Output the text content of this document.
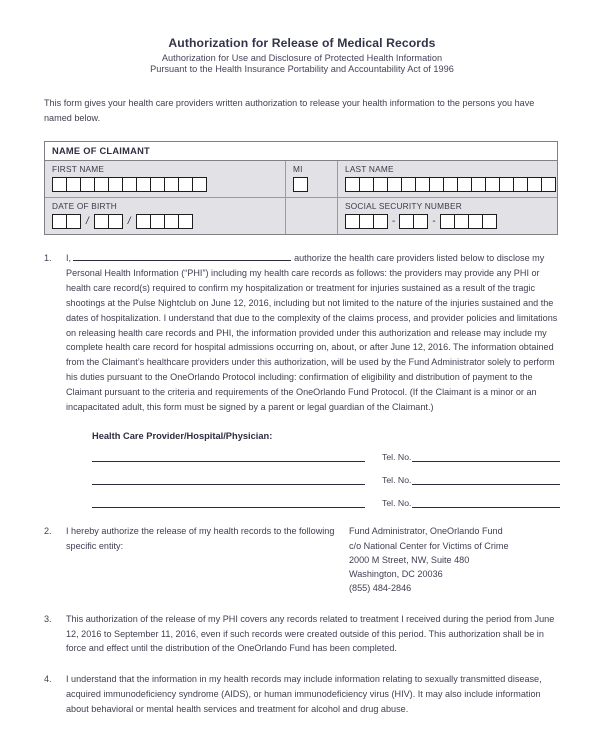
Authorization for Release of Medical Records
Authorization for Use and Disclosure of Protected Health Information
Pursuant to the Health Insurance Portability and Accountability Act of 1996
This form gives your health care providers written authorization to release your health information to the persons you have named below.
NAME OF CLAIMANT
FIRST NAME	MI	LAST NAME
DATE OF BIRTH
/	/

SOCIAL SECURITY NUMBER
-	-
1.	I,	authorize the health care providers listed below to disclose my Personal Health Information (“PHI”) including my health care records as follows: the providers may provide any PHI or health care record(s) required to confirm my hospitalization or treatment for injuries sustained as a result of the tragic shootings at the Pulse Nightclub on June 12, 2016, including but not limited to the nature of the injuries sustained and the dates of hospitalization. I understand that due to the complexity of the claims process, and provider policies and limitations on releasing health care records and PHI, the information provided under this authorization and release may include my complete health care record for hospital admissions occurring on, about, or after June 12, 2016. The information obtained from the Claimant’s healthcare providers under this authorization, will be used by the Fund Administrator solely to perform his duties pursuant to the OneOrlando Protocol including: confirmation of eligibility and distribution of payment to the Claimant pursuant to the criteria and requirements of the OneOrlando Fund Protocol. (If the Claimant is a minor or an incapacitated adult, this form must be signed by a parent or legal guardian of the Claimant.)

Health Care Provider/Hospital/Physician:
Tel. No.
Tel. No.
Tel. No.
2.	I hereby authorize the release of my health records to the following specific entity:
Fund Administrator, OneOrlando Fund
c/o National Center for Victims of Crime
2000 M Street, NW, Suite 480
Washington, DC 20036
(855) 484-2846
3.	This authorization of the release of my PHI covers any records related to treatment I received during the period from June 12, 2016 to September 11, 2016, even if such records were created outside of this period. This authorization shall be in force and effect until the distribution of the OneOrlando Fund has been completed.

4.	I understand that the information in my health records may include information relating to sexually transmitted disease, acquired immunodeficiency syndrome (AIDS), or human immunodeficiency virus (HIV). It may also include information about behavioral or mental health services and treatment for alcohol and drug abuse.
